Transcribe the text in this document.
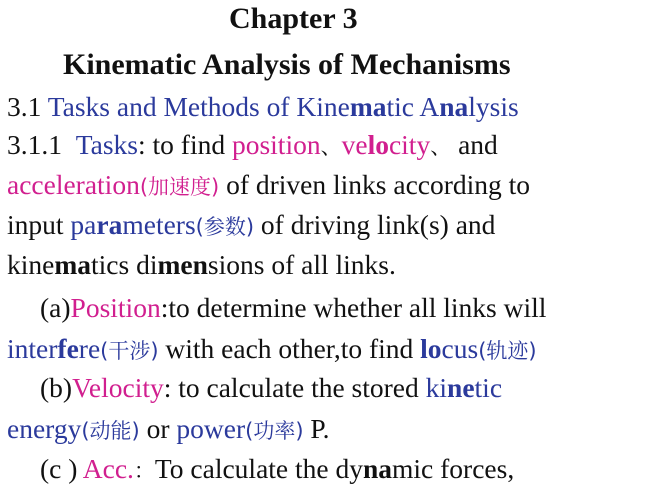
Chapter 3
Kinematic Analysis of Mechanisms
3.1 Tasks and Methods of Kinematic Analysis
3.1.1 Tasks: to find position、velocity、 and
acceleration(加速度) of driven links according to
input parameters(参数) of driving link(s) and
kinematics dimensions of all links.
(a)Position:to determine whether all links will
interfere(干涉) with each other,to find locus(轨迹)
(b)Velocity: to calculate the stored kinetic
energy(动能) or power(功率) P.
(c ) Acc.：To calculate the dynamic forces,
